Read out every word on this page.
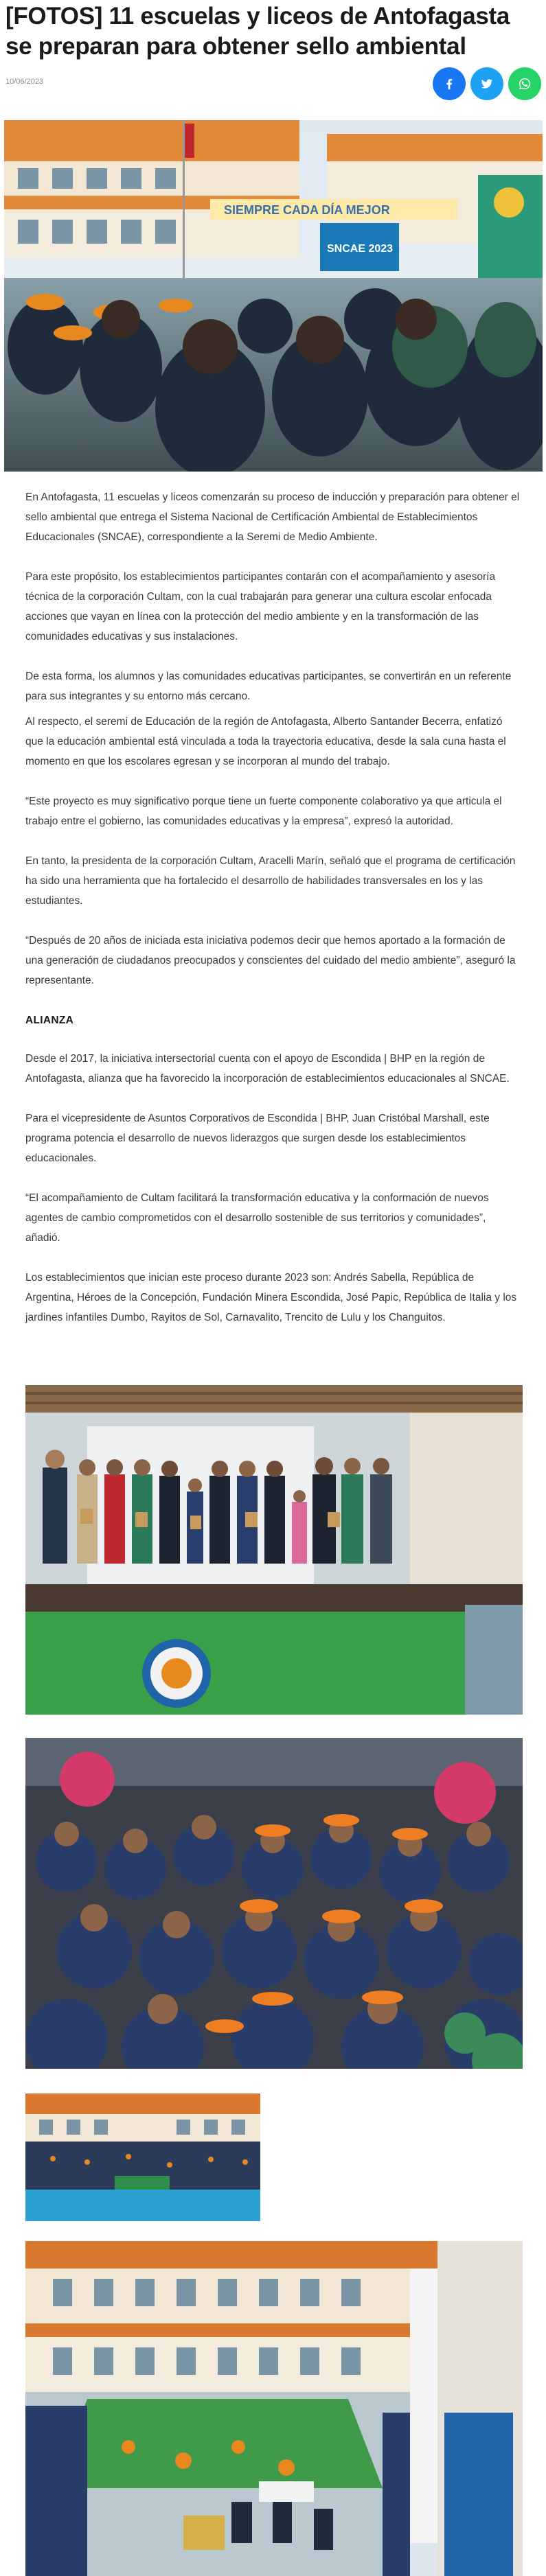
[FOTOS] 11 escuelas y liceos de Antofagasta se preparan para obtener sello ambiental
10/06/2023
SIEMPRE CADA DÍA MEJOR
SNCAE 2023

En Antofagasta, 11 escuelas y liceos comenzarán su proceso de inducción y preparación para obtener el sello ambiental que entrega el Sistema Nacional de Certificación Ambiental de Establecimientos Educacionales (SNCAE), correspondiente a la Seremi de Medio Ambiente.

Para este propósito, los establecimientos participantes contarán con el acompañamiento y asesoría técnica de la corporación Cultam, con la cual trabajarán para generar una cultura escolar enfocada acciones que vayan en línea con la protección del medio ambiente y en la transformación de las comunidades educativas y sus instalaciones.

De esta forma, los alumnos y las comunidades educativas participantes, se convertirán en un referente para sus integrantes y su entorno más cercano.

Al respecto, el seremi de Educación de la región de Antofagasta, Alberto Santander Becerra, enfatizó que la educación ambiental está vinculada a toda la trayectoria educativa, desde la sala cuna hasta el momento en que los escolares egresan y se incorporan al mundo del trabajo.

“Este proyecto es muy significativo porque tiene un fuerte componente colaborativo ya que articula el trabajo entre el gobierno, las comunidades educativas y la empresa”, expresó la autoridad.

En tanto, la presidenta de la corporación Cultam, Aracelli Marín, señaló que el programa de certificación ha sido una herramienta que ha fortalecido el desarrollo de habilidades transversales en los y las estudiantes.

“Después de 20 años de iniciada esta iniciativa podemos decir que hemos aportado a la formación de una generación de ciudadanos preocupados y conscientes del cuidado del medio ambiente”, aseguró la representante.

ALIANZA

Desde el 2017, la iniciativa intersectorial cuenta con el apoyo de Escondida | BHP en la región de Antofagasta, alianza que ha favorecido la incorporación de establecimientos educacionales al SNCAE.

Para el vicepresidente de Asuntos Corporativos de Escondida | BHP, Juan Cristóbal Marshall, este programa potencia el desarrollo de nuevos liderazgos que surgen desde los establecimientos educacionales.

“El acompañamiento de Cultam facilitará la transformación educativa y la conformación de nuevos agentes de cambio comprometidos con el desarrollo sostenible de sus territorios y comunidades”, añadió.

Los establecimientos que inician este proceso durante 2023 son: Andrés Sabella, República de Argentina, Héroes de la Concepción, Fundación Minera Escondida, José Papic, República de Italia y los jardines infantiles Dumbo, Rayitos de Sol, Carnavalito, Trencito de Lulu y los Changuitos.
